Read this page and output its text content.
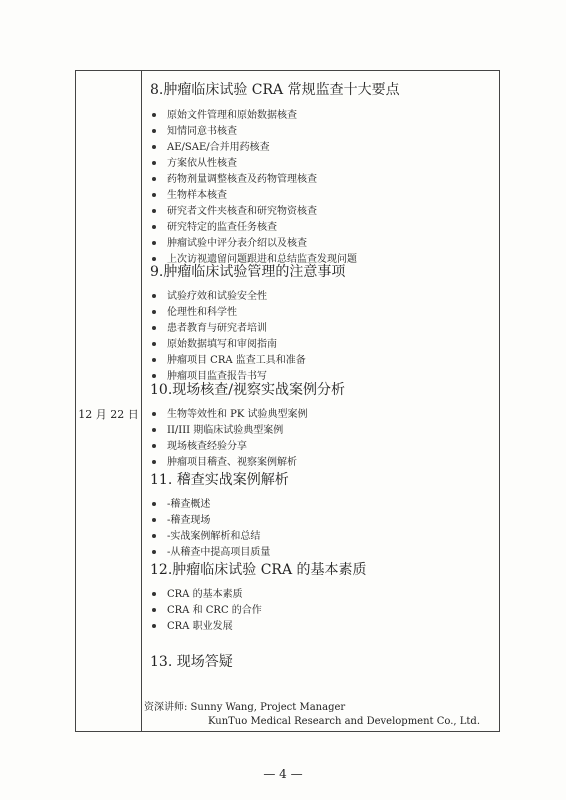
12 月 22 日
8.肿瘤临床试验 CRA 常规监查十大要点
原始文件管理和原始数据核查
知情同意书核查
AE/SAE/合并用药核查
方案依从性核查
药物剂量调整核查及药物管理核查
生物样本核查
研究者文件夹核查和研究物资核查
研究特定的监查任务核查
肿瘤试验中评分表介绍以及核查
上次访视遗留问题跟进和总结监查发现问题
9.肿瘤临床试验管理的注意事项
试验疗效和试验安全性
伦理性和科学性
患者教育与研究者培训
原始数据填写和审阅指南
肿瘤项目 CRA 监查工具和准备
肿瘤项目监查报告书写
10.现场核查/视察实战案例分析
生物等效性和 PK 试验典型案例
II/III 期临床试验典型案例
现场核查经验分享
肿瘤项目稽查、视察案例解析
11. 稽查实战案例解析
-稽查概述
-稽查现场
-实战案例解析和总结
-从稽查中提高项目质量
12.肿瘤临床试验 CRA 的基本素质
CRA 的基本素质
CRA 和 CRC 的合作
CRA 职业发展
13. 现场答疑
资深讲师: Sunny Wang, Project Manager
KunTuo Medical Research and Development Co., Ltd.
— 4 —
